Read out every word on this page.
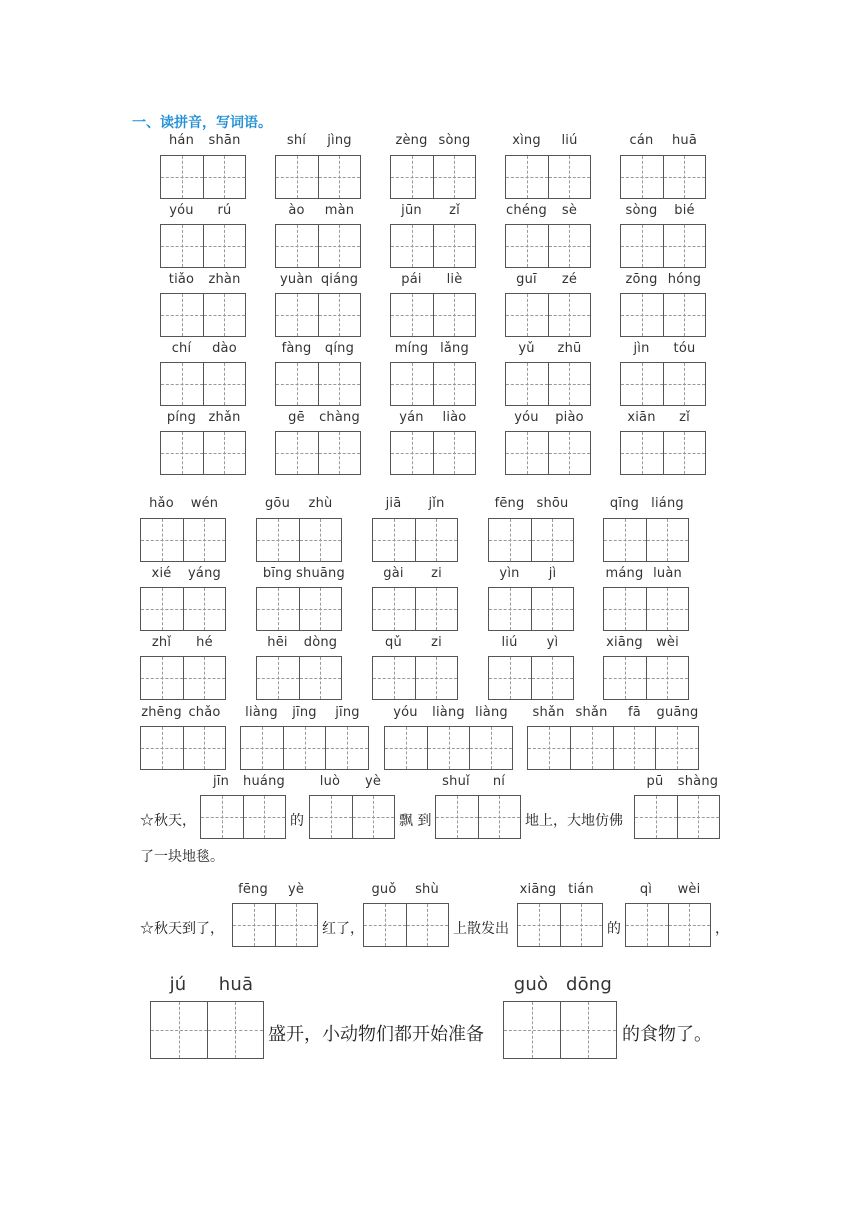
一、读拼音，写词语。
hán shān	shí jìng	zèng sòng	xìng liú	cán huā
yóu rú	ào màn	jūn zǐ	chéng sè	sòng bié
tiǎo zhàn	yuàn qiáng	pái liè	guī zé	zōng hóng
chí dào	fàng qíng	míng lǎng	yǔ zhū	jìn tóu
píng zhǎn	gē chàng	yán liào	yóu piào	xiān zǐ
hǎo wén	gōu zhù	jiā jǐn	fēng shōu	qīng liáng
xié yáng	bīng shuāng	gài zi	yìn jì	máng luàn
zhǐ hé	hēi dòng	qǔ zi	liú yì	xiāng wèi
zhēng chǎo liàng jīng jīng	yóu liàng liàng shǎn shǎn fā guāng
☆秋天，
jīn huáng
的
luò yè
飘 到
shuǐ ní
地上，大地仿佛
pū shàng
了一块地毯。
☆秋天到了，
fēng yè
红了，
guǒ shù
上散发出
xiāng tián
的
qì wèi
，
jú huā
盛开，小动物们都开始准备
guò dōng
的食物了。
